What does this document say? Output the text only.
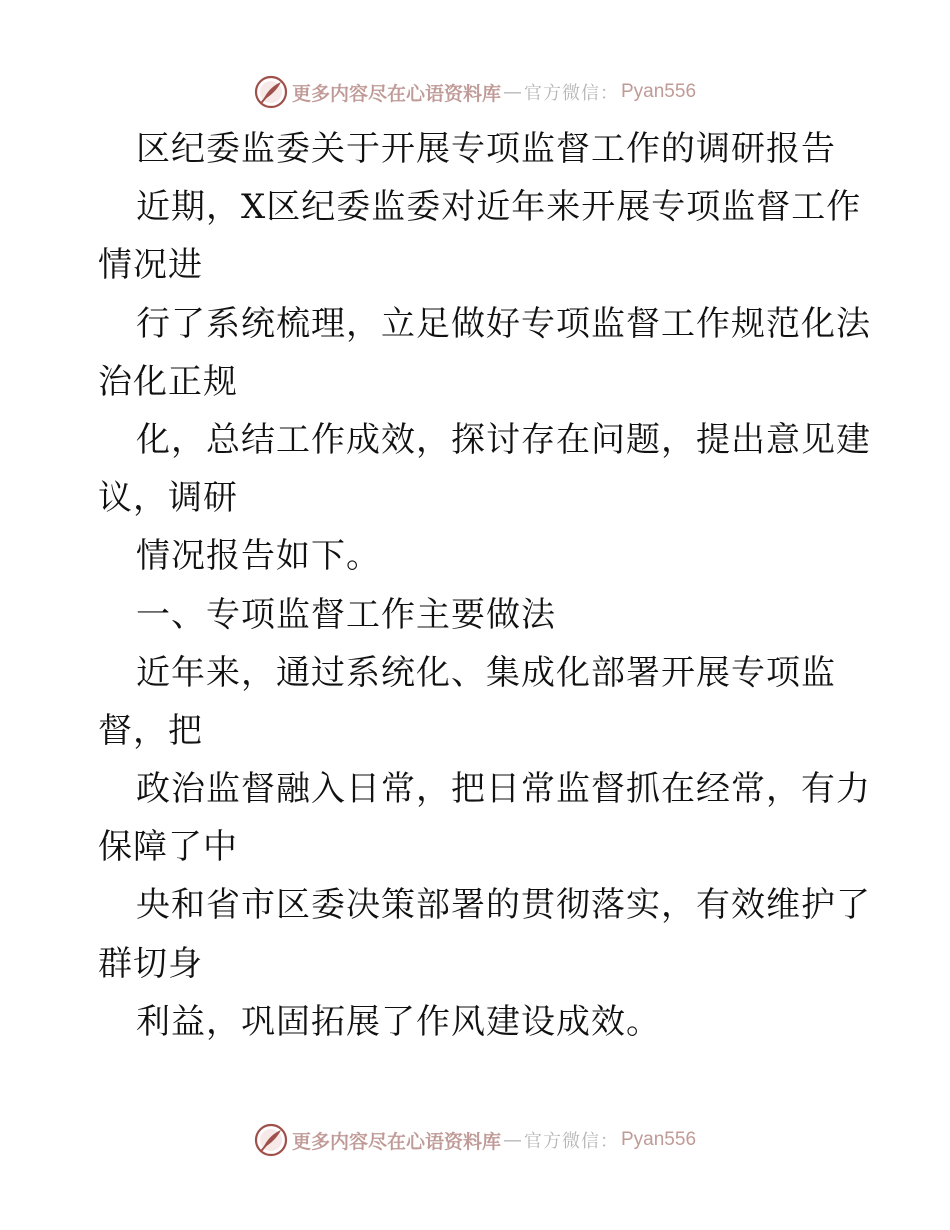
更多内容尽在心语资料库 — 官方微信： Pyan556
区纪委监委关于开展专项监督工作的调研报告
近期，X区纪委监委对近年来开展专项监督工作
情况进
行了系统梳理，立足做好专项监督工作规范化法
治化正规
化，总结工作成效，探讨存在问题，提出意见建
议，调研
情况报告如下。
一、专项监督工作主要做法
近年来，通过系统化、集成化部署开展专项监
督，把
政治监督融入日常，把日常监督抓在经常，有力
保障了中
央和省市区委决策部署的贯彻落实，有效维护了
群切身
利益，巩固拓展了作风建设成效。
更多内容尽在心语资料库 — 官方微信： Pyan556
